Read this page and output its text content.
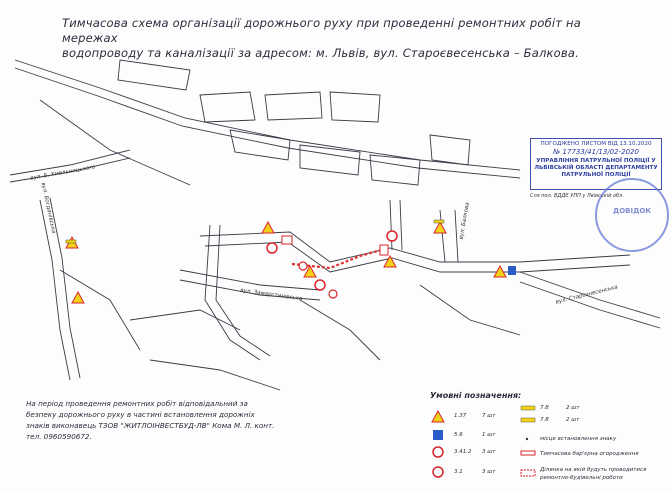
Тимчасова схема організації дорожнього руху при проведенні ремонтних робіт на мережах
водопроводу та каналізації за адресом: м. Львів, вул. Староєвесенська – Балкова.
вул. Б. Хмельницького
вул. Богданівська
вул. Замарстинівська
вул. Балкова
вул. Старознесенська
ПОГОДЖЕНО ЛИСТОМ ВІД 13.10.2020
№ 17733/41/13/02-2020
УПРАВЛІННЯ ПАТРУЛЬНОЇ ПОЛІЦІЇ У ЛЬВІВСЬКІЙ ОБЛАСТІ ДЕПАРТАМЕНТУ ПАТРУЛЬНОЇ ПОЛІЦІЇ
Сля пол. ВДДЄ УПП у Лвівській обл.
ДОВІДОК
На період проведення ремонтних робіт відповідальний за безпеку дорожнього руху в частині встановлення дорожніх знаків виконавець ТЗОВ "ЖИТЛОІНВЕСТБУД-ЛВ" Кома М. Л. конт. тел. 0960590672.
Умовні позначення:
1.37	7 шт
5.6	1 шт
3.41.2 3 шт
3.1	3 шт
7.8	2 шт
7.8	2 шт
місце встановлення знаку
Тимчасова бар'єрна огородження
Ділянка на якій будуть проводитися ремонтно-будівельні роботи
